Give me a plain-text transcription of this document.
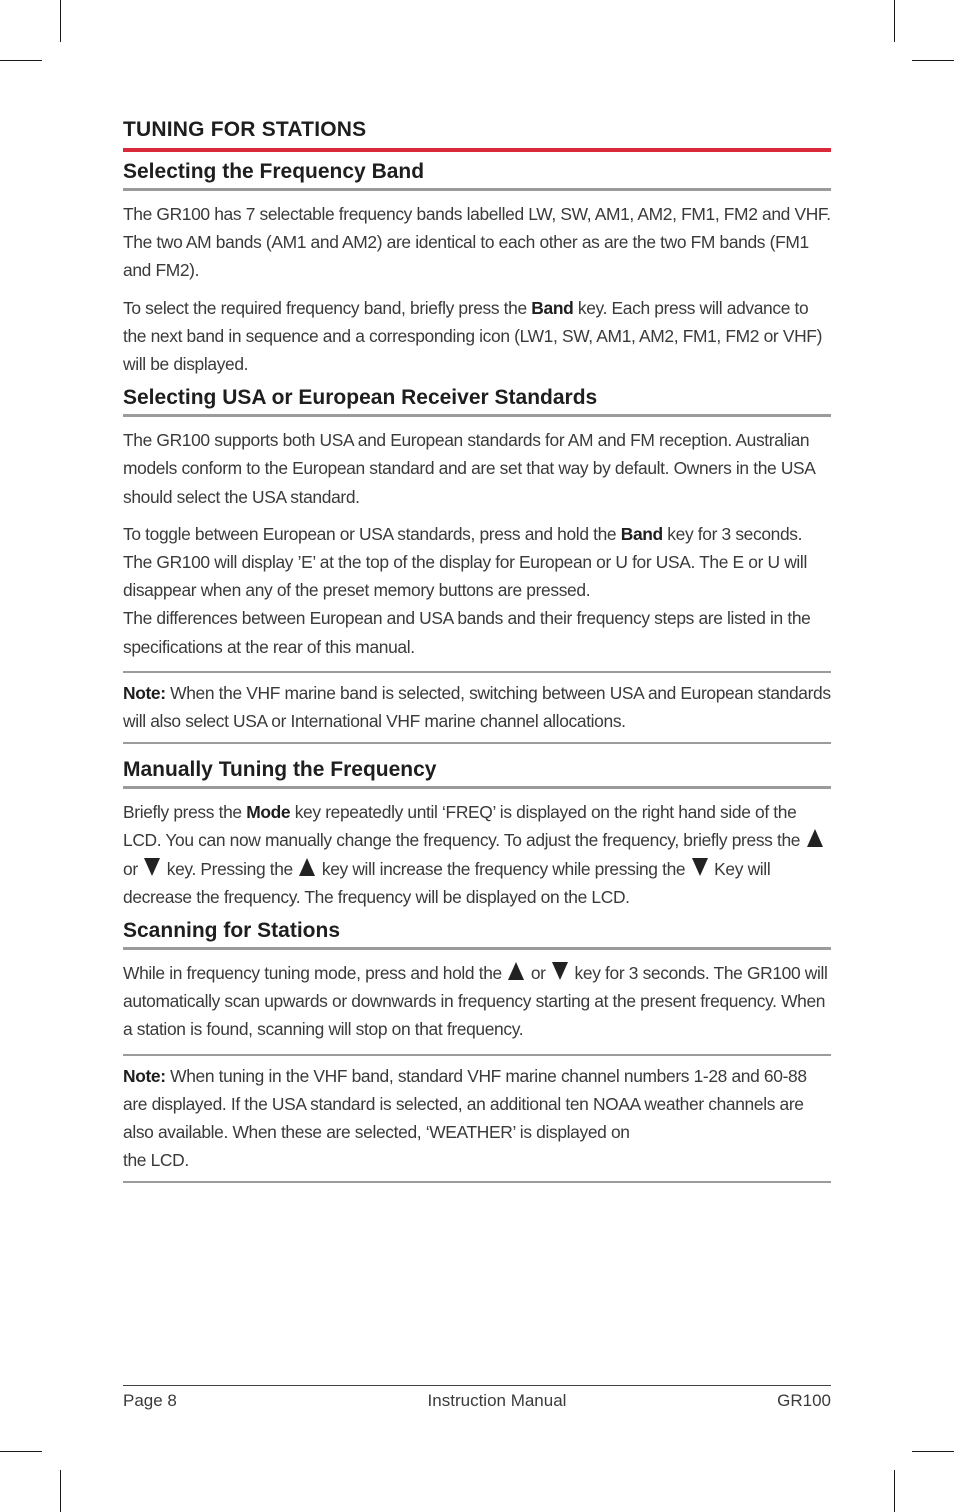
TUNING FOR STATIONS
Selecting the Frequency Band

The GR100 has 7 selectable frequency bands labelled LW, SW, AM1, AM2, FM1, FM2 and VHF. The two AM bands (AM1 and AM2) are identical to each other as are the two FM bands (FM1 and FM2).

To select the required frequency band, briefly press the Band key. Each press will advance to the next band in sequence and a corresponding icon (LW1, SW, AM1, AM2, FM1, FM2 or VHF) will be displayed.

Selecting USA or European Receiver Standards

The GR100 supports both USA and European standards for AM and FM reception. Australian models conform to the European standard and are set that way by default. Owners in the USA should select the USA standard.

To toggle between European or USA standards, press and hold the Band key for 3 seconds. The GR100 will display ’E’ at the top of the display for European or U for USA. The E or U will disappear when any of the preset memory buttons are pressed.
The differences between European and USA bands and their frequency steps are listed in the specifications at the rear of this manual.

Note: When the VHF marine band is selected, switching between USA and European standards will also select USA or International VHF marine channel allocations.

Manually Tuning the Frequency

Briefly press the Mode key repeatedly until ‘FREQ’ is displayed on the right hand side of the LCD. You can now manually change the frequency. To adjust the frequency, briefly press the  or  key. Pressing the  key will increase the frequency while pressing the  Key will decrease the frequency. The frequency will be displayed on the LCD.

Scanning for Stations

While in frequency tuning mode, press and hold the  or  key for 3 seconds. The GR100 will automatically scan upwards or downwards in frequency starting at the present frequency. When a station is found, scanning will stop on that frequency.

Note: When tuning in the VHF band, standard VHF marine channel numbers 1-28 and 60-88 are displayed. If the USA standard is selected, an additional ten NOAA weather channels are also available. When these are selected, ‘WEATHER’ is displayed on
the LCD.

Page 8	Instruction Manual	GR100
